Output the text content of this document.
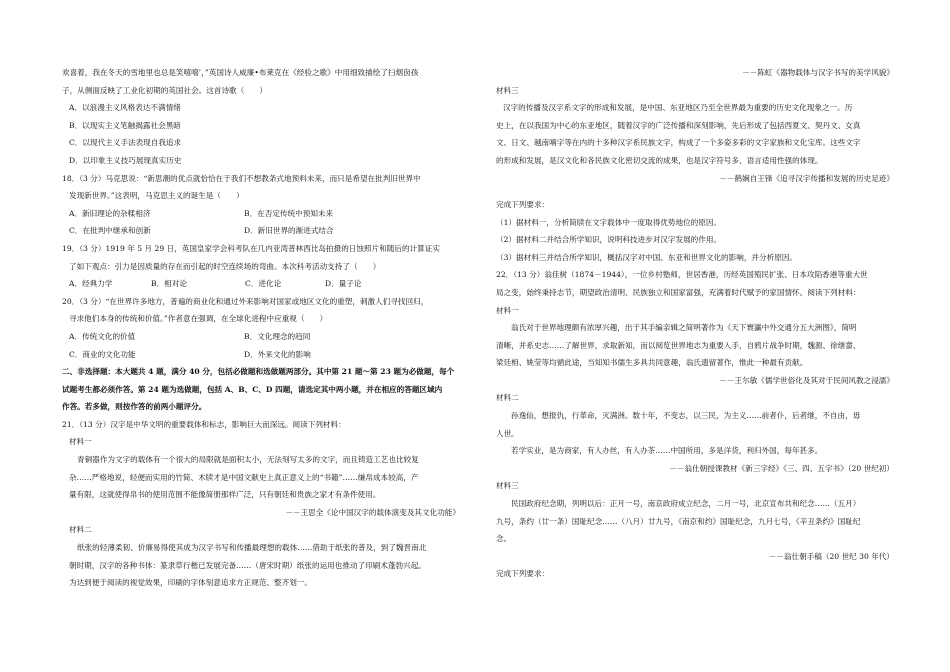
欢喜着，我在冬天的雪地里也总是笑嘻嘻’，”英国诗人威廉•布莱克在《经验之歌》中用细致描绘了扫烟囱孩
子，从侧面反映了工业化初期的英国社会。这首诗歌（　　）
A．以浪漫主义风格表达不满情绪
B．以现实主义笔触揭露社会黑暗
C．以现代主义手法表现自我追求
D．以印象主义技巧展现真实历史
18．（3 分）马克思说：“新思潮的优点就恰恰在于我们不想教条式地预料未来，而只是希望在批判旧世界中
发现新世界。”这表明，马克思主义的诞生是（　　）
A．新旧理论的杂糅相济	B．在否定传统中预知未来
C．在批判中继承和创新	D．新旧世界的渐进式结合
19．（3 分）1919 年 5 月 29 日，英国皇家学会科考队在几内亚湾普林西比岛拍摄的日蚀照片和随后的计算证实
了如下观点：引力是因质量的存在而引起的时空连续场的弯曲。本次科考活动支持了（　　）
A．经典力学	B．相对论	C．进化论	D．量子论
20．（3 分）“在世界许多地方，普遍的商业化和通过外来影响对国家或地区文化的重塑，刺激人们寻找回归，
寻求他们本身的传统和价值。”作者意在强调，在全球化进程中应重视（　　）
A．传统文化的价值	B．文化理念的趋同
C．商业的文化功能	D．外来文化的影响
二、非选择题：本大题共 4 题，满分 40 分，包括必做题和选做题两部分。其中第 21 题～第 23 题为必做题，每个
试题考生都必须作答。第 24 题为选做题，包括 A、B、C、D 四题，请选定其中两小题，并在相应的答题区域内
作答。若多做，则按作答的前两小题评分。
21．（13 分）汉字是中华文明的重要载体和标志，影响巨大而深远。阅读下列材料：
材料一
青铜器作为文字的载体有一个很大的局限就是面积太小，无法刻写太多的文字，而且铸造工艺也比较复
杂……严格地说，轻便而实用的竹简、木牍才是中国文献史上真正意义上的“书籍”……缣帛成本较高，产
量有限，这就使得帛书的使用范围不能像简册那样广泛，只有朝廷和贵族之家才有条件使用。
－－王思全《论中国汉字的载体演变及其文化功能》
材料二
纸张的轻薄柔韧、价廉易得使其成为汉字书写和传播最理想的载体……借助于纸张的普及，到了魏晋南北
朝时期，汉字的各种书体：篆隶草行楷已发展完备……（唐宋时期）纸张的运用也推动了印刷术蓬勃兴起。
为达到便于阅读的视觉效果，印刷的字体刻意追求方正规范、整齐划一。
－－陈虹《器物载体与汉字书写的美学风貌》
材料三
汉字的传播及汉字系文字的形成和发展，是中国、东亚地区乃至全世界最为重要的历史文化现象之一。历
史上，在以我国为中心的东亚地区，随着汉字的广泛传播和深刻影响，先后形成了包括西夏文、契丹文、女真
文、日文、越南喃字等在内的十多种汉字系民族文字，构成了一个多姿多彩的文字家族和文化宝库。这些文字
的形成和发展，是汉文化和各民族文化密切交流的成果，也是汉字符号多、语言适用性强的体现。
－－鹤娴自王锋《追寻汉字传播和发展的历史足迹》
完成下列要求：
（1）据材料一，分析简牍在文字载体中一度取得优势地位的原因。
（2）据材料二并结合所学知识，说明科技进步对汉字发展的作用。
（3）据材料三并结合所学知识，概括汉字对中国、东亚和世界文化的影响，并分析原因。
22．（13 分）翁佳树（1874－1944），一位乡村塾师，世居香港，历经英国殖民扩张、日本攻陷香港等重大世
局之变，始终秉持志节，期望政治清明、民族独立和国家富强，充满着时代赋予的家国情怀。阅读下列材料：
材料一
翁氏对于世界地理颇有浓厚兴趣，出于其手编亲辑之简明著作为《天下寰瀛中外交通分五大洲图》，简明
清晰，并系史志……了解世界，求取新知，而以阅览世界地志为重要入手，自鸦片战争时期，魏源、徐继畲、
梁廷枏、姚莹等均循此途，当知知书儒生多具共同意趣，翁氏遗留著作，惟此一种最有贡献。
－－王尔敏《儒学世俗化及其对于民间风教之浸濡》
材料二
孙逸仙，想报仇，行革命，灭满洲。数十年，不变志，以三民，为主义……前者仆，后者继，不自由，毋
人世。
若学实业，是为商家，有人办丝，有人办茶……中国所用，多是洋货，利归外国，每年甚多。
－－翁仕朝授课教材《新三字经》《三、四、五字书》（20 世纪初）
材料三
民国政府纪念期，列明以后：正月一号，南京政府成立纪念，二月一号，北京宣布共和纪念……（五月）
九号，条约（廿一条）国耻纪念……（八月）廿九号，《南京和约》国耻纪念，九月七号，《辛丑条约》国耻纪
念。
－－翁仕朝手稿（20 世纪 30 年代）
完成下列要求：
